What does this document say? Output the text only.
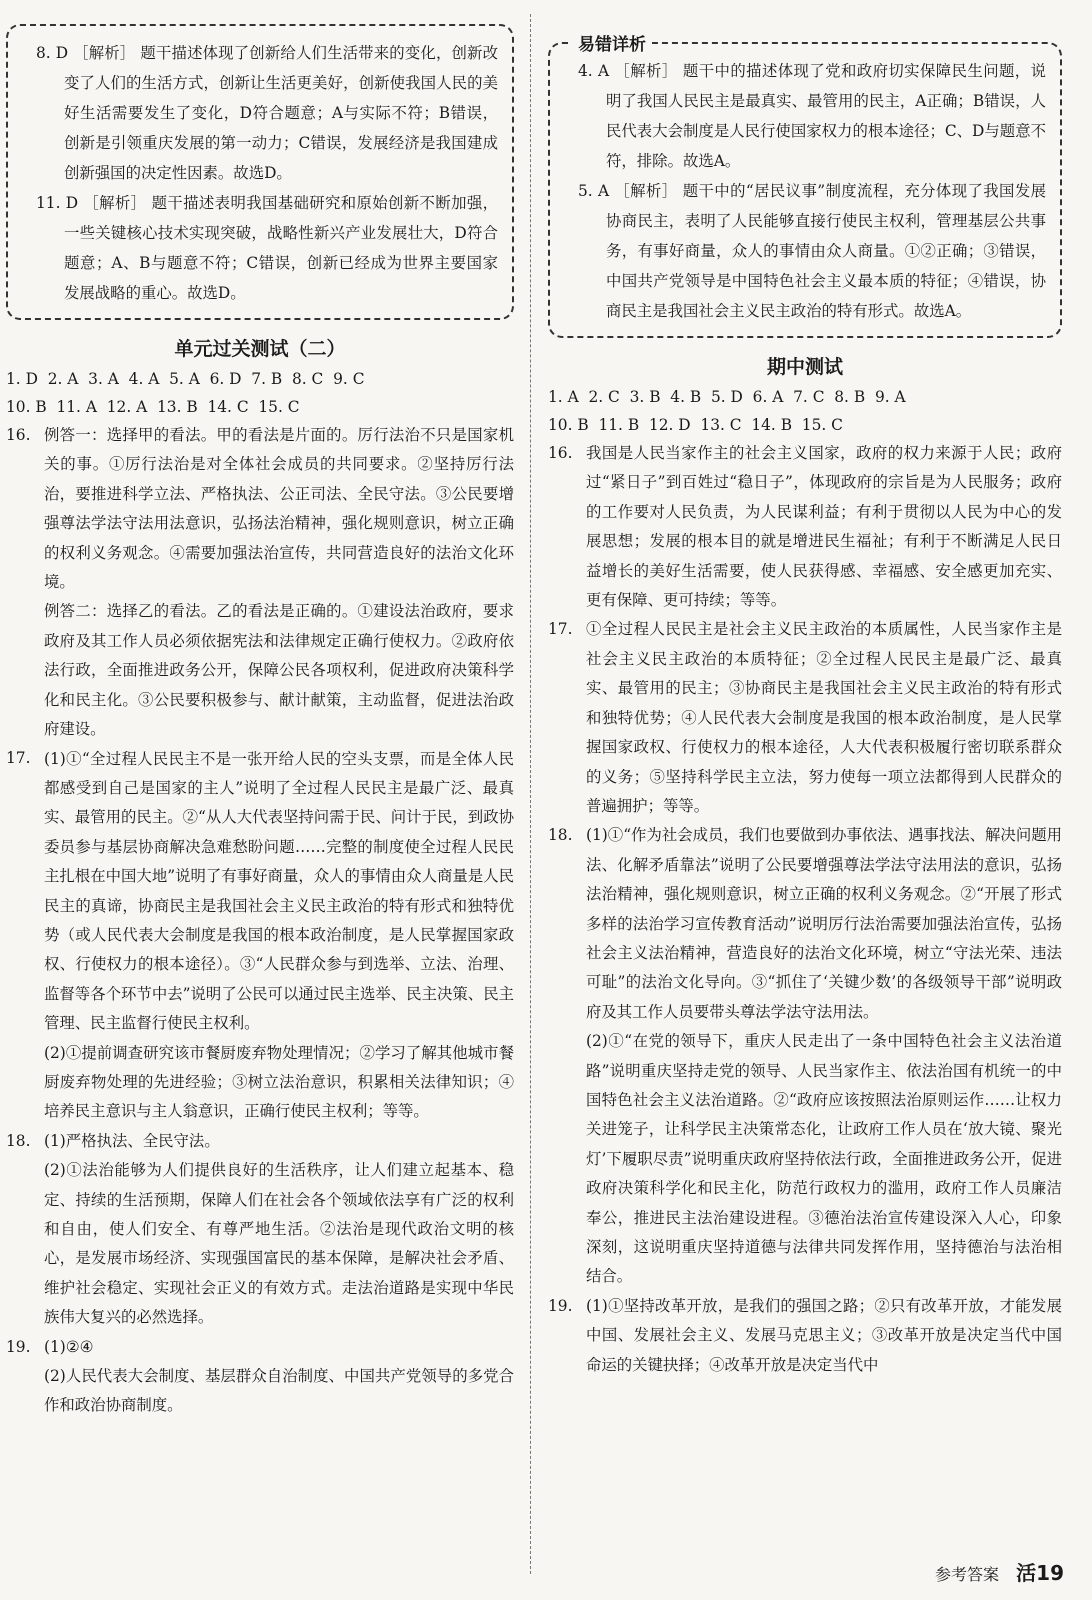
8. D ［解析］ 题干描述体现了创新给人们生活带来的变化，创新改变了人们的生活方式，创新让生活更美好，创新使我国人民的美好生活需要发生了变化，D符合题意；A与实际不符；B错误，创新是引领重庆发展的第一动力；C错误，发展经济是我国建成创新强国的决定性因素。故选D。

11. D ［解析］ 题干描述表明我国基础研究和原始创新不断加强，一些关键核心技术实现突破，战略性新兴产业发展壮大，D符合题意；A、B与题意不符；C错误，创新已经成为世界主要国家发展战略的重心。故选D。

单元过关测试（二）

1. D  2. A  3. A  4. A  5. A  6. D  7. B  8. C  9. C

10. B  11. A  12. A  13. B  14. C  15. C

16. 例答一：选择甲的看法。甲的看法是片面的。厉行法治不只是国家机关的事。①厉行法治是对全体社会成员的共同要求。②坚持厉行法治，要推进科学立法、严格执法、公正司法、全民守法。③公民要增强尊法学法守法用法意识，弘扬法治精神，强化规则意识，树立正确的权利义务观念。④需要加强法治宣传，共同营造良好的法治文化环境。
例答二：选择乙的看法。乙的看法是正确的。①建设法治政府，要求政府及其工作人员必须依据宪法和法律规定正确行使权力。②政府依法行政，全面推进政务公开，保障公民各项权利，促进政府决策科学化和民主化。③公民要积极参与、献计献策，主动监督，促进法治政府建设。
17. (1)①“全过程人民民主不是一张开给人民的空头支票，而是全体人民都感受到自己是国家的主人”说明了全过程人民民主是最广泛、最真实、最管用的民主。②“从人大代表坚持问需于民、问计于民，到政协委员参与基层协商解决急难愁盼问题……完整的制度使全过程人民民主扎根在中国大地”说明了有事好商量，众人的事情由众人商量是人民民主的真谛，协商民主是我国社会主义民主政治的特有形式和独特优势（或人民代表大会制度是我国的根本政治制度，是人民掌握国家政权、行使权力的根本途径）。③“人民群众参与到选举、立法、治理、监督等各个环节中去”说明了公民可以通过民主选举、民主决策、民主管理、民主监督行使民主权利。
(2)①提前调查研究该市餐厨废弃物处理情况；②学习了解其他城市餐厨废弃物处理的先进经验；③树立法治意识，积累相关法律知识；④培养民主意识与主人翁意识，正确行使民主权利；等等。
18. (1)严格执法、全民守法。
(2)①法治能够为人们提供良好的生活秩序，让人们建立起基本、稳定、持续的生活预期，保障人们在社会各个领域依法享有广泛的权利和自由，使人们安全、有尊严地生活。②法治是现代政治文明的核心，是发展市场经济、实现强国富民的基本保障，是解决社会矛盾、维护社会稳定、实现社会正义的有效方式。走法治道路是实现中华民族伟大复兴的必然选择。
19. (1)②④
(2)人民代表大会制度、基层群众自治制度、中国共产党领导的多党合作和政治协商制度。
易错详析

4. A ［解析］ 题干中的描述体现了党和政府切实保障民生问题，说明了我国人民民主是最真实、最管用的民主，A正确；B错误，人民代表大会制度是人民行使国家权力的根本途径；C、D与题意不符，排除。故选A。

5. A ［解析］ 题干中的“居民议事”制度流程，充分体现了我国发展协商民主，表明了人民能够直接行使民主权利，管理基层公共事务，有事好商量，众人的事情由众人商量。①②正确；③错误，中国共产党领导是中国特色社会主义最本质的特征；④错误，协商民主是我国社会主义民主政治的特有形式。故选A。

期中测试

1. A  2. C  3. B  4. B  5. D  6. A  7. C  8. B  9. A

10. B  11. B  12. D  13. C  14. B  15. C

16. 我国是人民当家作主的社会主义国家，政府的权力来源于人民；政府过“紧日子”到百姓过“稳日子”，体现政府的宗旨是为人民服务；政府的工作要对人民负责，为人民谋利益；有利于贯彻以人民为中心的发展思想；发展的根本目的就是增进民生福祉；有利于不断满足人民日益增长的美好生活需要，使人民获得感、幸福感、安全感更加充实、更有保障、更可持续；等等。
17. ①全过程人民民主是社会主义民主政治的本质属性，人民当家作主是社会主义民主政治的本质特征；②全过程人民民主是最广泛、最真实、最管用的民主；③协商民主是我国社会主义民主政治的特有形式和独特优势；④人民代表大会制度是我国的根本政治制度，是人民掌握国家政权、行使权力的根本途径，人大代表积极履行密切联系群众的义务；⑤坚持科学民主立法，努力使每一项立法都得到人民群众的普遍拥护；等等。
18. (1)①“作为社会成员，我们也要做到办事依法、遇事找法、解决问题用法、化解矛盾靠法”说明了公民要增强尊法学法守法用法的意识，弘扬法治精神，强化规则意识，树立正确的权利义务观念。②“开展了形式多样的法治学习宣传教育活动”说明厉行法治需要加强法治宣传，弘扬社会主义法治精神，营造良好的法治文化环境，树立“守法光荣、违法可耻”的法治文化导向。③“抓住了‘关键少数’的各级领导干部”说明政府及其工作人员要带头尊法学法守法用法。
(2)①“在党的领导下，重庆人民走出了一条中国特色社会主义法治道路”说明重庆坚持走党的领导、人民当家作主、依法治国有机统一的中国特色社会主义法治道路。②“政府应该按照法治原则运作……让权力关进笼子，让科学民主决策常态化，让政府工作人员在‘放大镜、聚光灯’下履职尽责”说明重庆政府坚持依法行政，全面推进政务公开，促进政府决策科学化和民主化，防范行政权力的滥用，政府工作人员廉洁奉公，推进民主法治建设进程。③德治法治宣传建设深入人心，印象深刻，这说明重庆坚持道德与法律共同发挥作用，坚持德治与法治相结合。
19. (1)①坚持改革开放，是我们的强国之路；②只有改革开放，才能发展中国、发展社会主义、发展马克思主义；③改革开放是决定当代中国命运的关键抉择；④改革开放是决定当代中
参考答案 活19
